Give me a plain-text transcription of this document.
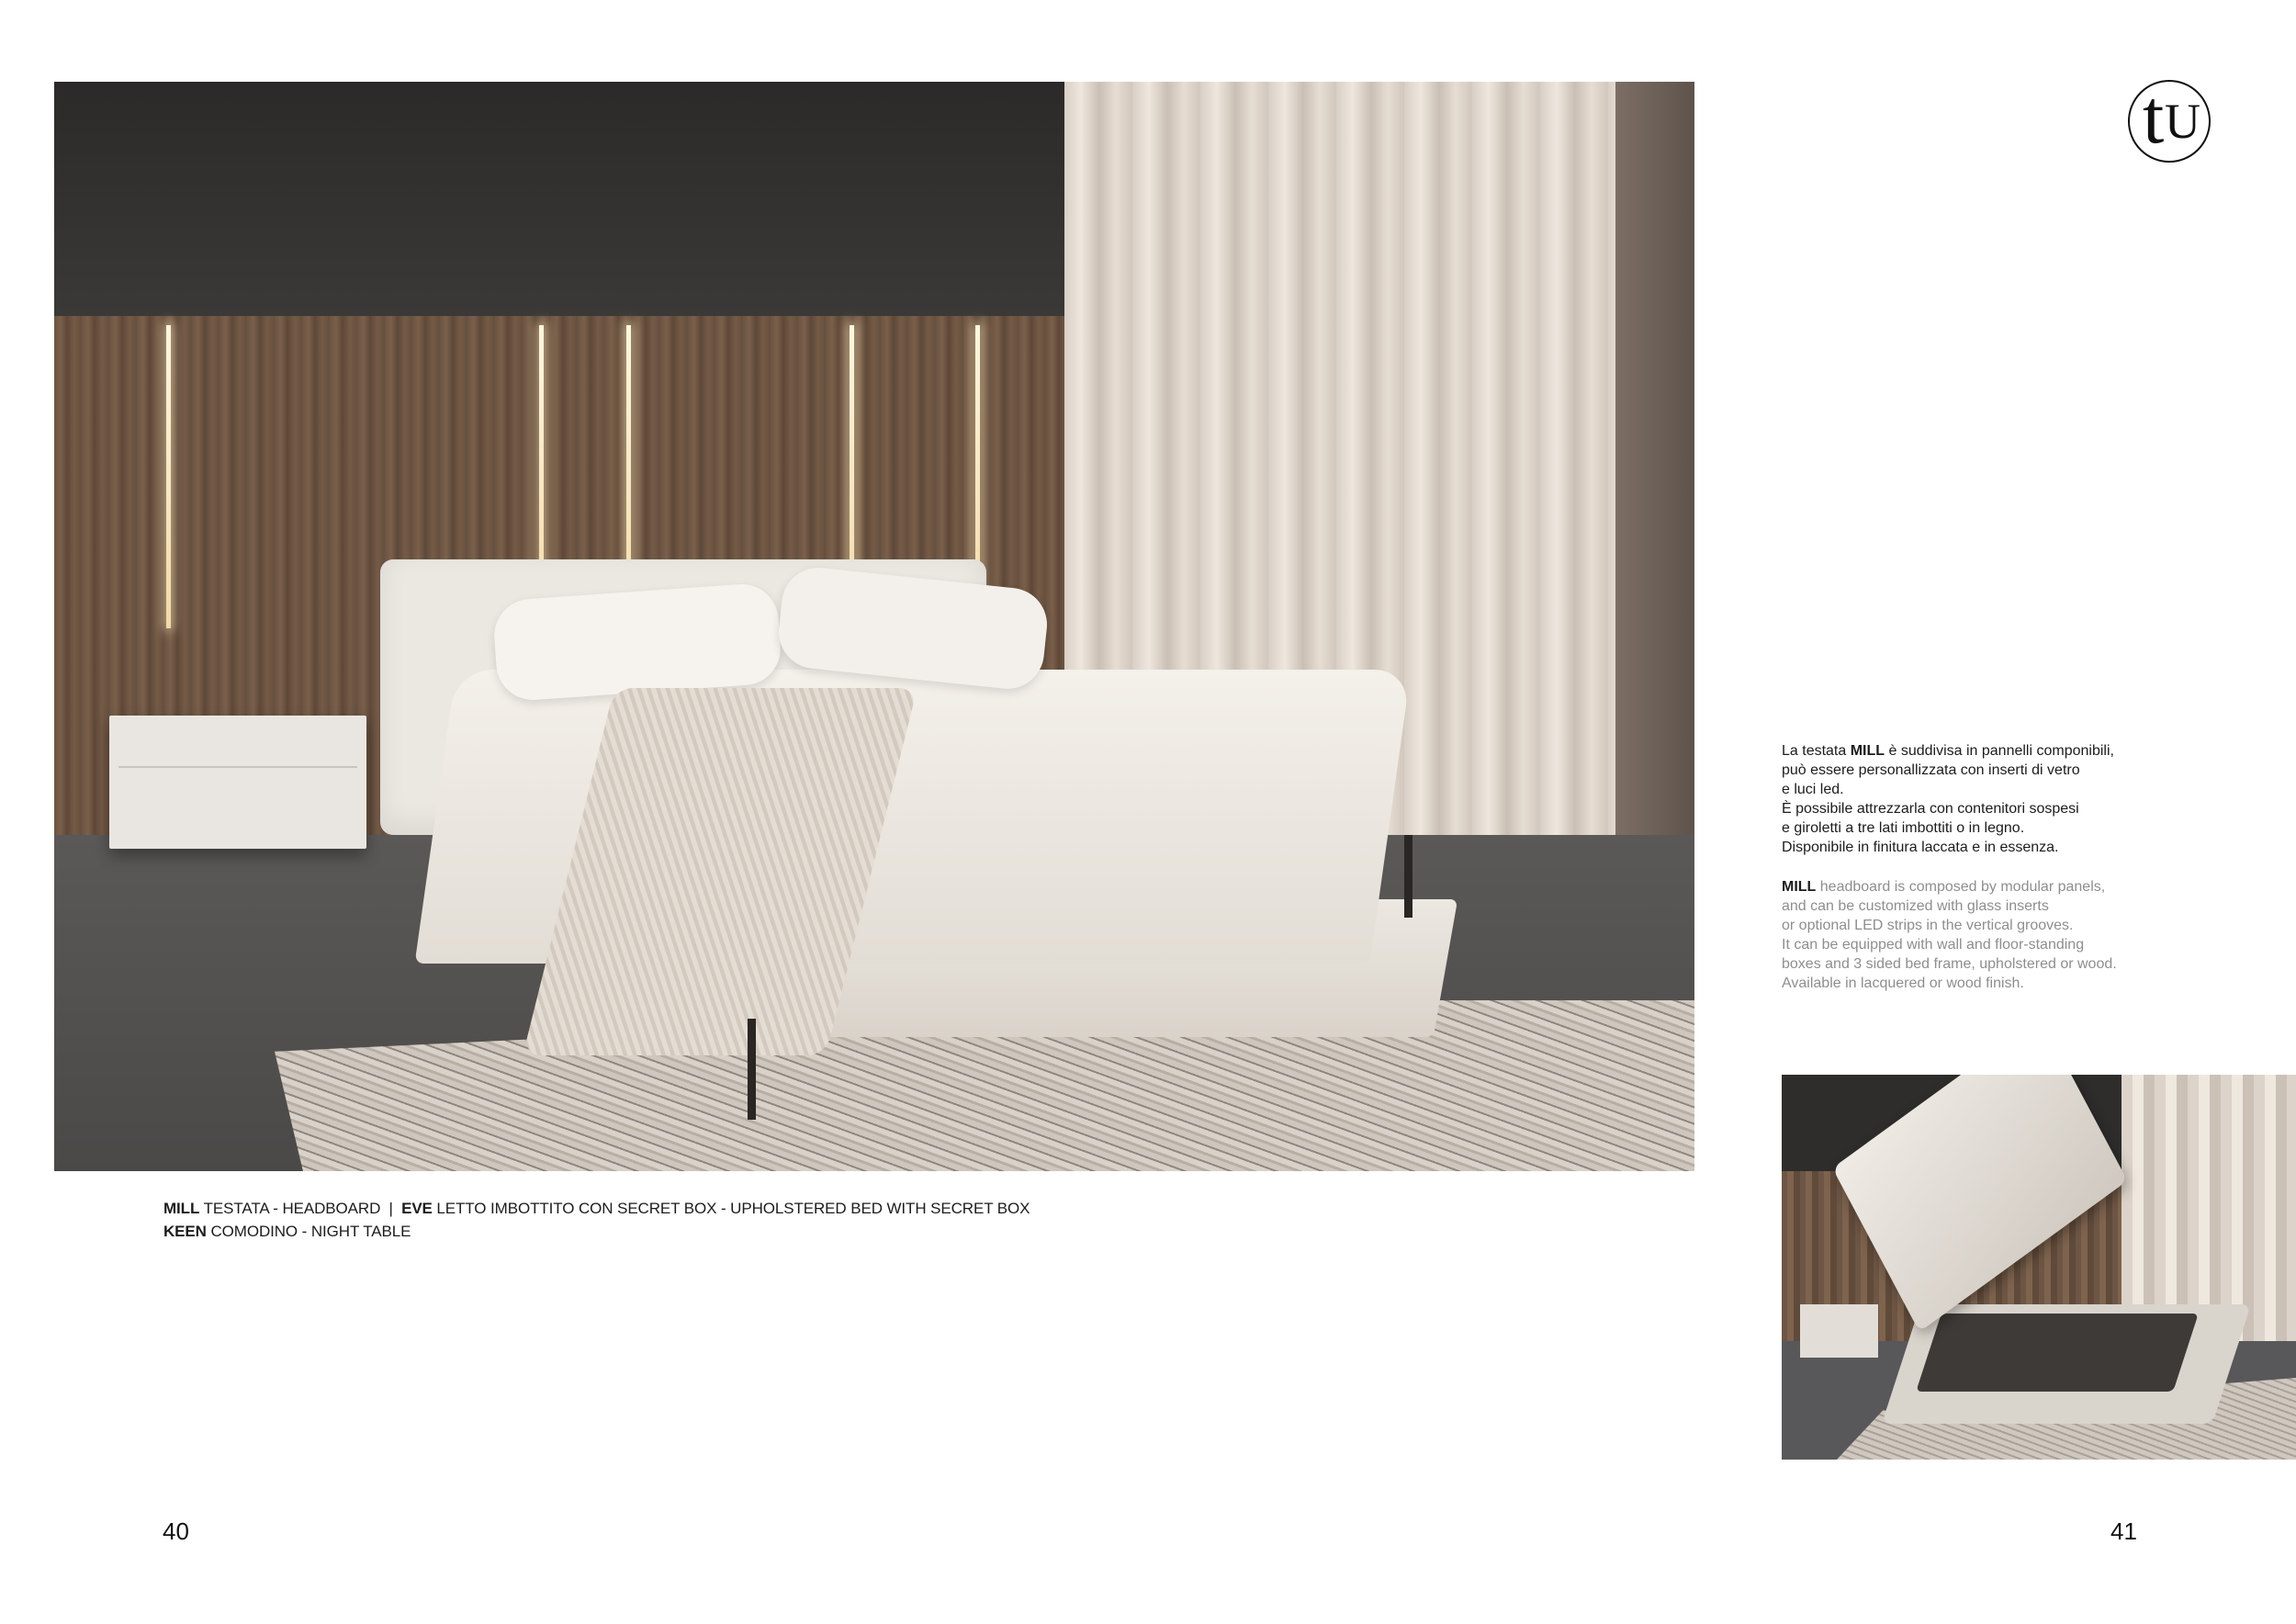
MILL TESTATA - HEADBOARD  |  EVE LETTO IMBOTTITO CON SECRET BOX - UPHOLSTERED BED WITH SECRET BOX
KEEN COMODINO - NIGHT TABLE
t U
La testata MILL è suddivisa in pannelli componibili,
può essere personallizzata con inserti di vetro
e luci led.
È possibile attrezzarla con contenitori sospesi
e giroletti a tre lati imbottiti o in legno.
Disponibile in finitura laccata e in essenza.
MILL headboard is composed by modular panels,
and can be customized with glass inserts
or optional LED strips in the vertical grooves.
It can be equipped with wall and floor-standing
boxes and 3 sided bed frame, upholstered or wood.
Available in lacquered or wood finish.
40	41
